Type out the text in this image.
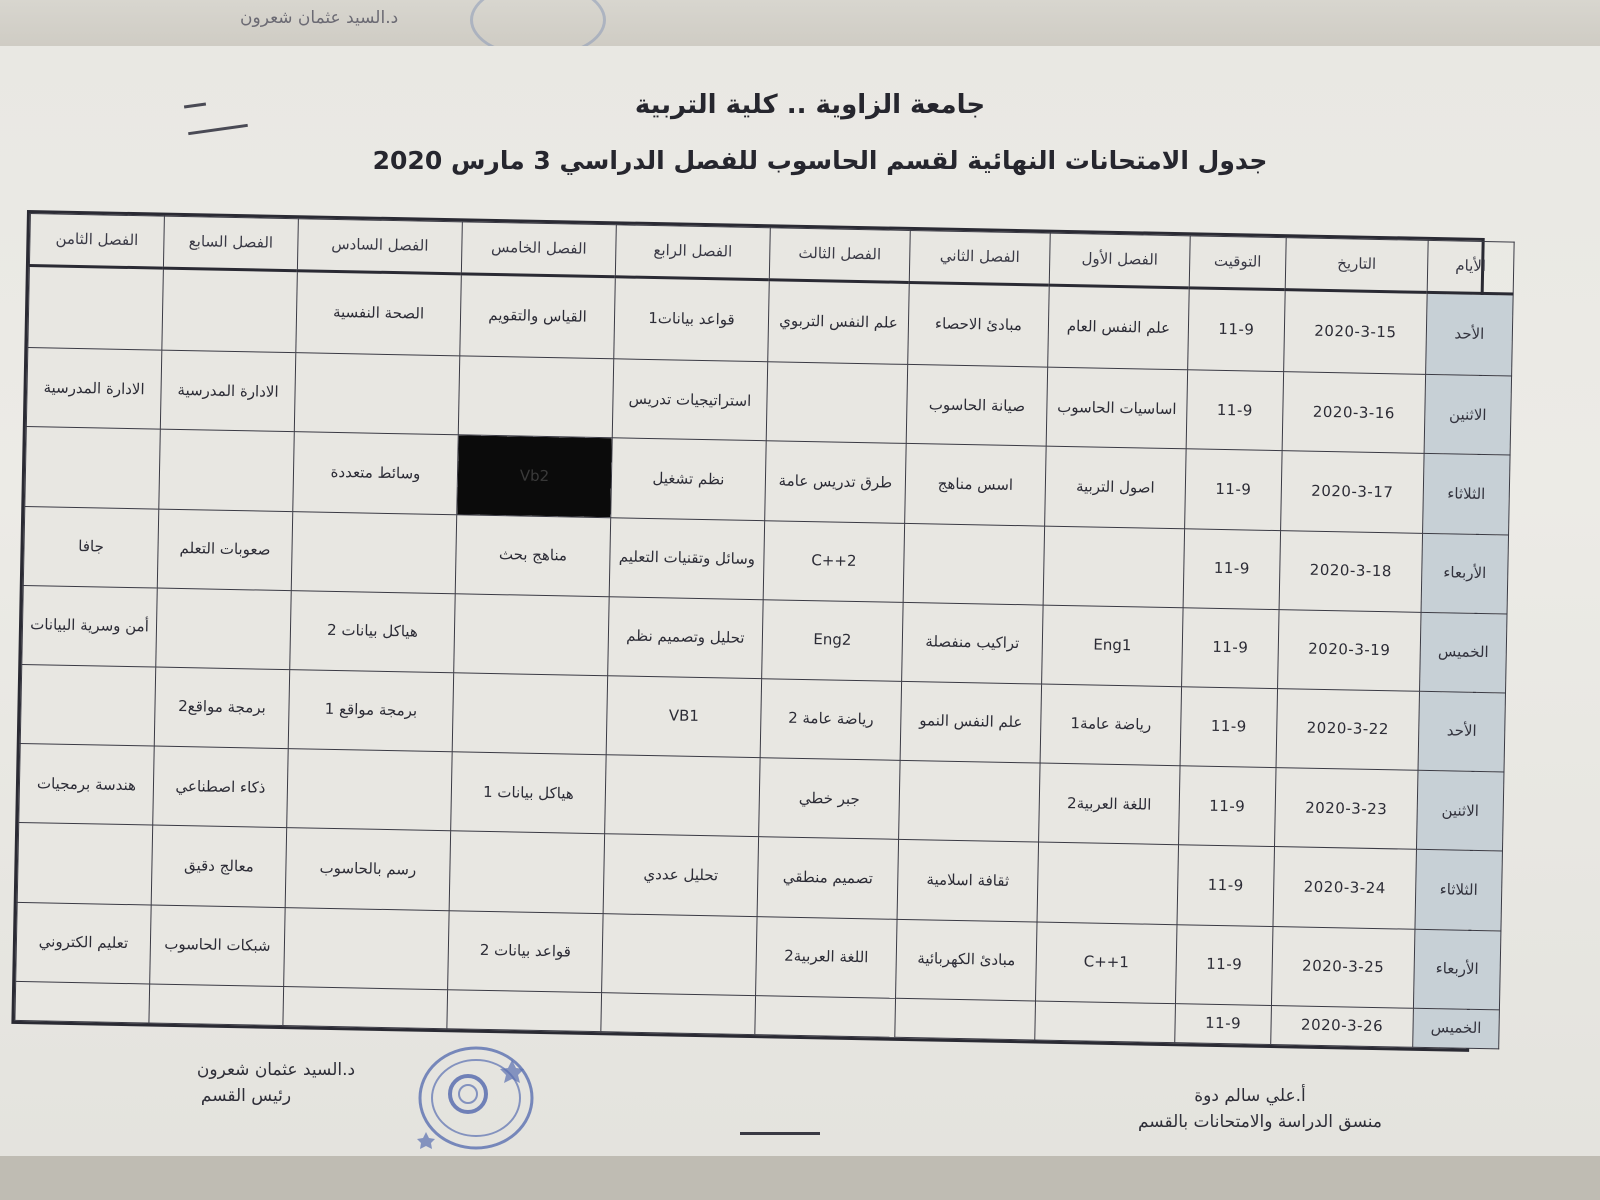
د.السيد عثمان شعرون
جامعة الزاوية .. كلية التربية
جدول الامتحانات النهائية لقسم الحاسوب للفصل الدراسي 3 مارس 2020
الأيام	التاريخ	التوقيت	الفصل الأول	الفصل الثاني	الفصل الثالث	الفصل الرابع	الفصل الخامس	الفصل السادس	الفصل السابع	الفصل الثامن
الأحد	2020-3-15	11-9	علم النفس العام	مبادئ الاحصاء	علم النفس التربوي	قواعد بيانات1	القياس والتقويم	الصحة النفسية		
الاثنين	2020-3-16	11-9	اساسيات الحاسوب	صيانة الحاسوب		استراتيجيات تدريس			الادارة المدرسية	الادارة المدرسية
الثلاثاء	2020-3-17	11-9	اصول التربية	اسس مناهج	طرق تدريس عامة	نظم تشغيل	Vb2	وسائط متعددة		
الأربعاء	2020-3-18	11-9			C++2	وسائل وتقنيات التعليم	مناهج بحث		صعوبات التعلم	جافا
الخميس	2020-3-19	11-9	Eng1	تراكيب منفصلة	Eng2	تحليل وتصميم نظم		هياكل بيانات 2		أمن وسرية البيانات
الأحد	2020-3-22	11-9	رياضة عامة1	علم النفس النمو	رياضة عامة 2	VB1		برمجة مواقع 1	برمجة مواقع2	
الاثنين	2020-3-23	11-9	اللغة العربية2		جبر خطي		هياكل بيانات 1		ذكاء اصطناعي	هندسة برمجيات
الثلاثاء	2020-3-24	11-9		ثقافة اسلامية	تصميم منطقي	تحليل عددي		رسم بالحاسوب	معالج دقيق	
الأربعاء	2020-3-25	11-9	C++1	مبادئ الكهربائية	اللغة العربية2		قواعد بيانات 2		شبكات الحاسوب	تعليم الكتروني
الخميس	2020-3-26	11-9								
د.السيد عثمان شعرون
رئيس القسم	أ.علي سالم دوة
منسق الدراسة والامتحانات بالقسم
